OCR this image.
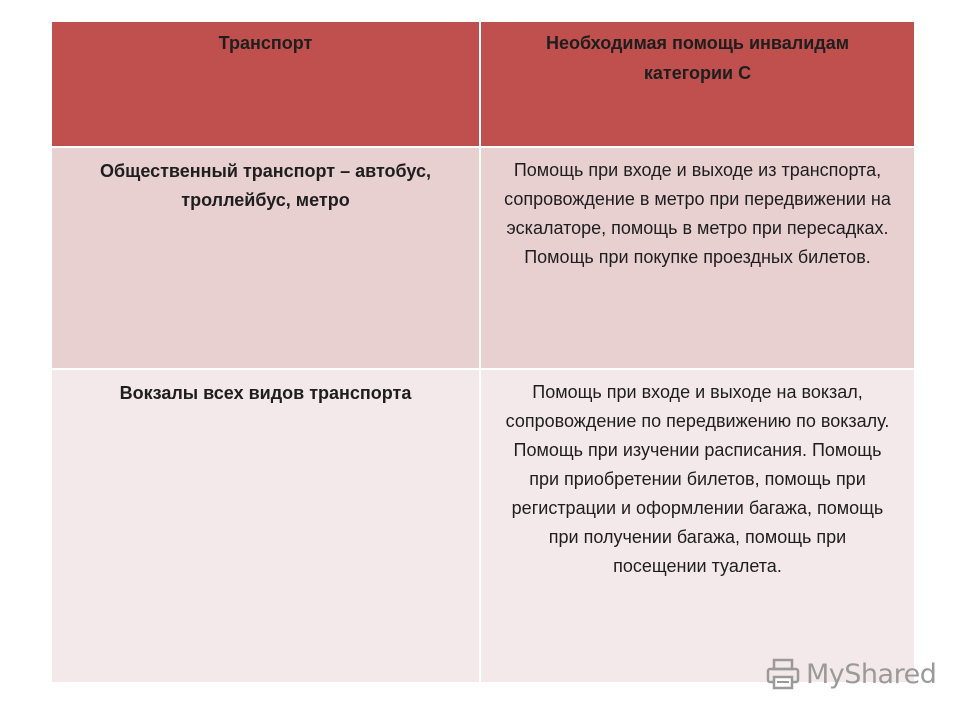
Транспорт	Необходимая помощь инвалидам категории С
Общественный транспорт – автобус, троллейбус, метро
Помощь при входе и выходе из транспорта, сопровождение в метро при передвижении на эскалаторе, помощь в метро при пересадках. Помощь при покупке проездных билетов.
Вокзалы всех видов транспорта	Помощь при входе и выходе на вокзал, сопровождение по передвижению по вокзалу. Помощь при изучении расписания. Помощь при приобретении билетов, помощь при регистрации и оформлении багажа, помощь при получении багажа, помощь при посещении туалета.
MyShared
